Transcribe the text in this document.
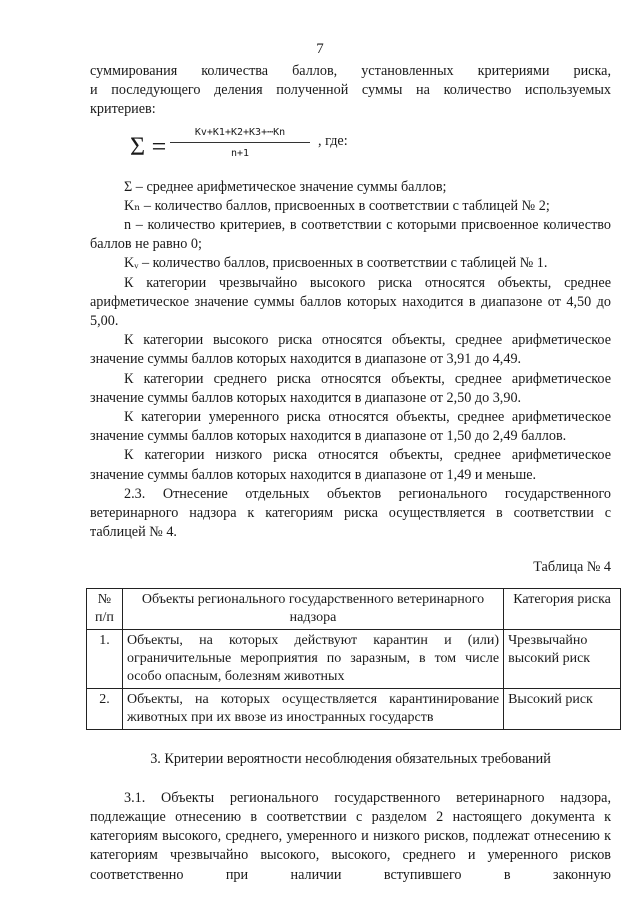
7

суммирования количества баллов, установленных критериями риска,

и последующего деления полученной суммы на количество используемых

критериев:

$\Sigma = \frac{Kv+K1+K2+K3+\cdots Kn}{n+1}$ , где:

Σ – среднее арифметическое значение суммы баллов;

Kₙ – количество баллов, присвоенных в соответствии с таблицей № 2;

n – количество критериев, в соответствии с которыми присвоенное количество баллов не равно 0;

Kᵥ – количество баллов, присвоенных в соответствии с таблицей № 1.

К категории чрезвычайно высокого риска относятся объекты, среднее арифметическое значение суммы баллов которых находится в диапазоне от 4,50 до 5,00.

К категории высокого риска относятся объекты, среднее арифметическое значение суммы баллов которых находится в диапазоне от 3,91 до 4,49.

К категории среднего риска относятся объекты, среднее арифметическое значение суммы баллов которых находится в диапазоне от 2,50 до 3,90.

К категории умеренного риска относятся объекты, среднее арифметическое значение суммы баллов которых находится в диапазоне от 1,50 до 2,49 баллов.

К категории низкого риска относятся объекты, среднее арифметическое значение суммы баллов которых находится в диапазоне от 1,49 и меньше.

2.3. Отнесение отдельных объектов регионального государственного ветеринарного надзора к категориям риска осуществляется в соответствии с таблицей № 4.

Таблица № 4
№ п/п	Объекты регионального государственного ветеринарного надзора	Категория риска
1.	Объекты, на которых действуют карантин и (или) ограничительные мероприятия по заразным, в том числе особо опасным, болезням животных	Чрезвычайно высокий риск
2.	Объекты, на которых осуществляется карантинирование животных при их ввозе из иностранных государств	Высокий риск
3. Критерии вероятности несоблюдения обязательных требований

3.1. Объекты регионального государственного ветеринарного надзора, подлежащие отнесению в соответствии с разделом 2 настоящего документа к категориям высокого, среднего, умеренного и низкого рисков, подлежат отнесению к категориям чрезвычайно высокого, высокого, среднего и умеренного рисков соответственно при наличии вступившего в законную
